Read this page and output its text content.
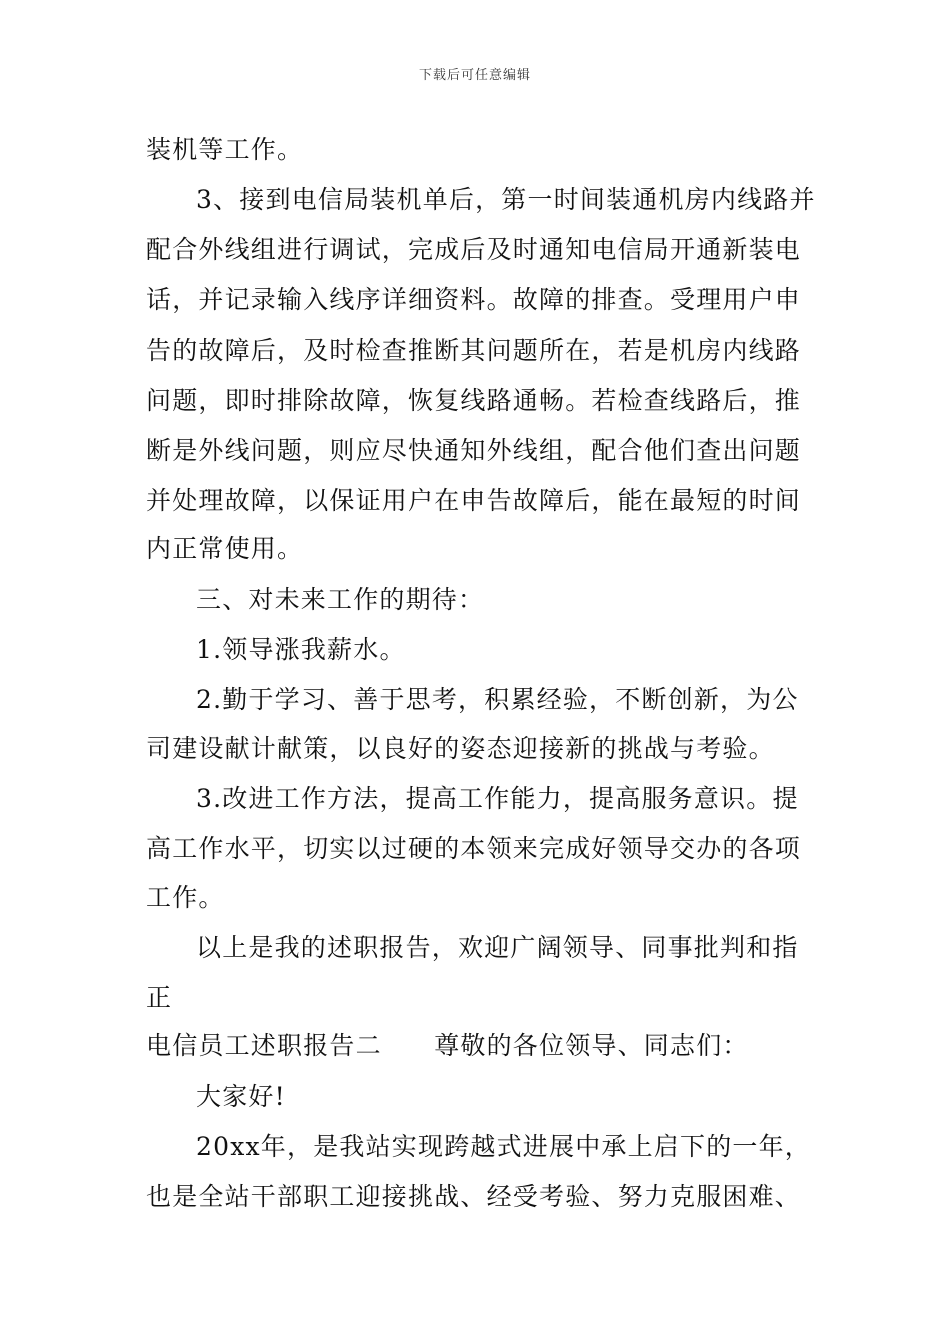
下载后可任意编辑
装机等工作。
3、接到电信局装机单后，第一时间装通机房内线路并
配合外线组进行调试，完成后及时通知电信局开通新装电
话，并记录输入线序详细资料。故障的排查。受理用户申
告的故障后，及时检查推断其问题所在，若是机房内线路
问题，即时排除故障，恢复线路通畅。若检查线路后，推
断是外线问题，则应尽快通知外线组，配合他们查出问题
并处理故障，以保证用户在申告故障后，能在最短的时间
内正常使用。
三、对未来工作的期待：
1.领导涨我薪水。
2.勤于学习、善于思考，积累经验，不断创新，为公
司建设献计献策，以良好的姿态迎接新的挑战与考验。
3.改进工作方法，提高工作能力，提高服务意识。提
高工作水平，切实以过硬的本领来完成好领导交办的各项
工作。
以上是我的述职报告，欢迎广阔领导、同事批判和指
正
电信员工述职报告二　　尊敬的各位领导、同志们：
大家好!
20xx年，是我站实现跨越式进展中承上启下的一年，
也是全站干部职工迎接挑战、经受考验、努力克服困难、
